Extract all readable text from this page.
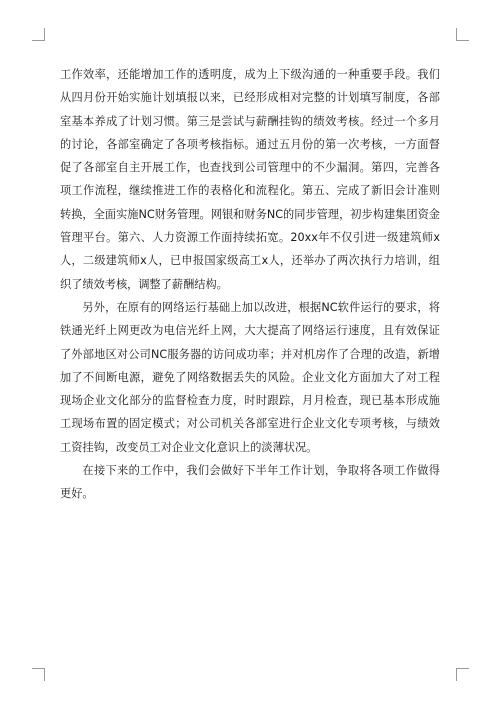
工作效率，还能增加工作的透明度，成为上下级沟通的一种重要手段。我们从四月份开始实施计划填报以来，已经形成相对完整的计划填写制度，各部室基本养成了计划习惯。第三是尝试与薪酬挂钩的绩效考核。经过一个多月的讨论，各部室确定了各项考核指标。通过五月份的第一次考核，一方面督促了各部室自主开展工作，也查找到公司管理中的不少漏洞。第四，完善各项工作流程，继续推进工作的表格化和流程化。第五、完成了新旧会计准则转换，全面实施NC财务管理。网银和财务NC的同步管理，初步构建集团资金管理平台。第六、人力资源工作面持续拓宽。20xx年不仅引进一级建筑师x人，二级建筑师x人，已申报国家级高工x人，还举办了两次执行力培训，组织了绩效考核，调整了薪酬结构。

另外，在原有的网络运行基础上加以改进，根据NC软件运行的要求，将铁通光纤上网更改为电信光纤上网，大大提高了网络运行速度，且有效保证了外部地区对公司NC服务器的访问成功率；并对机房作了合理的改造，新增加了不间断电源，避免了网络数据丢失的风险。企业文化方面加大了对工程现场企业文化部分的监督检查力度，时时跟踪，月月检查，现已基本形成施工现场布置的固定模式；对公司机关各部室进行企业文化专项考核，与绩效工资挂钩，改变员工对企业文化意识上的淡薄状况。

在接下来的工作中，我们会做好下半年工作计划，争取将各项工作做得更好。
